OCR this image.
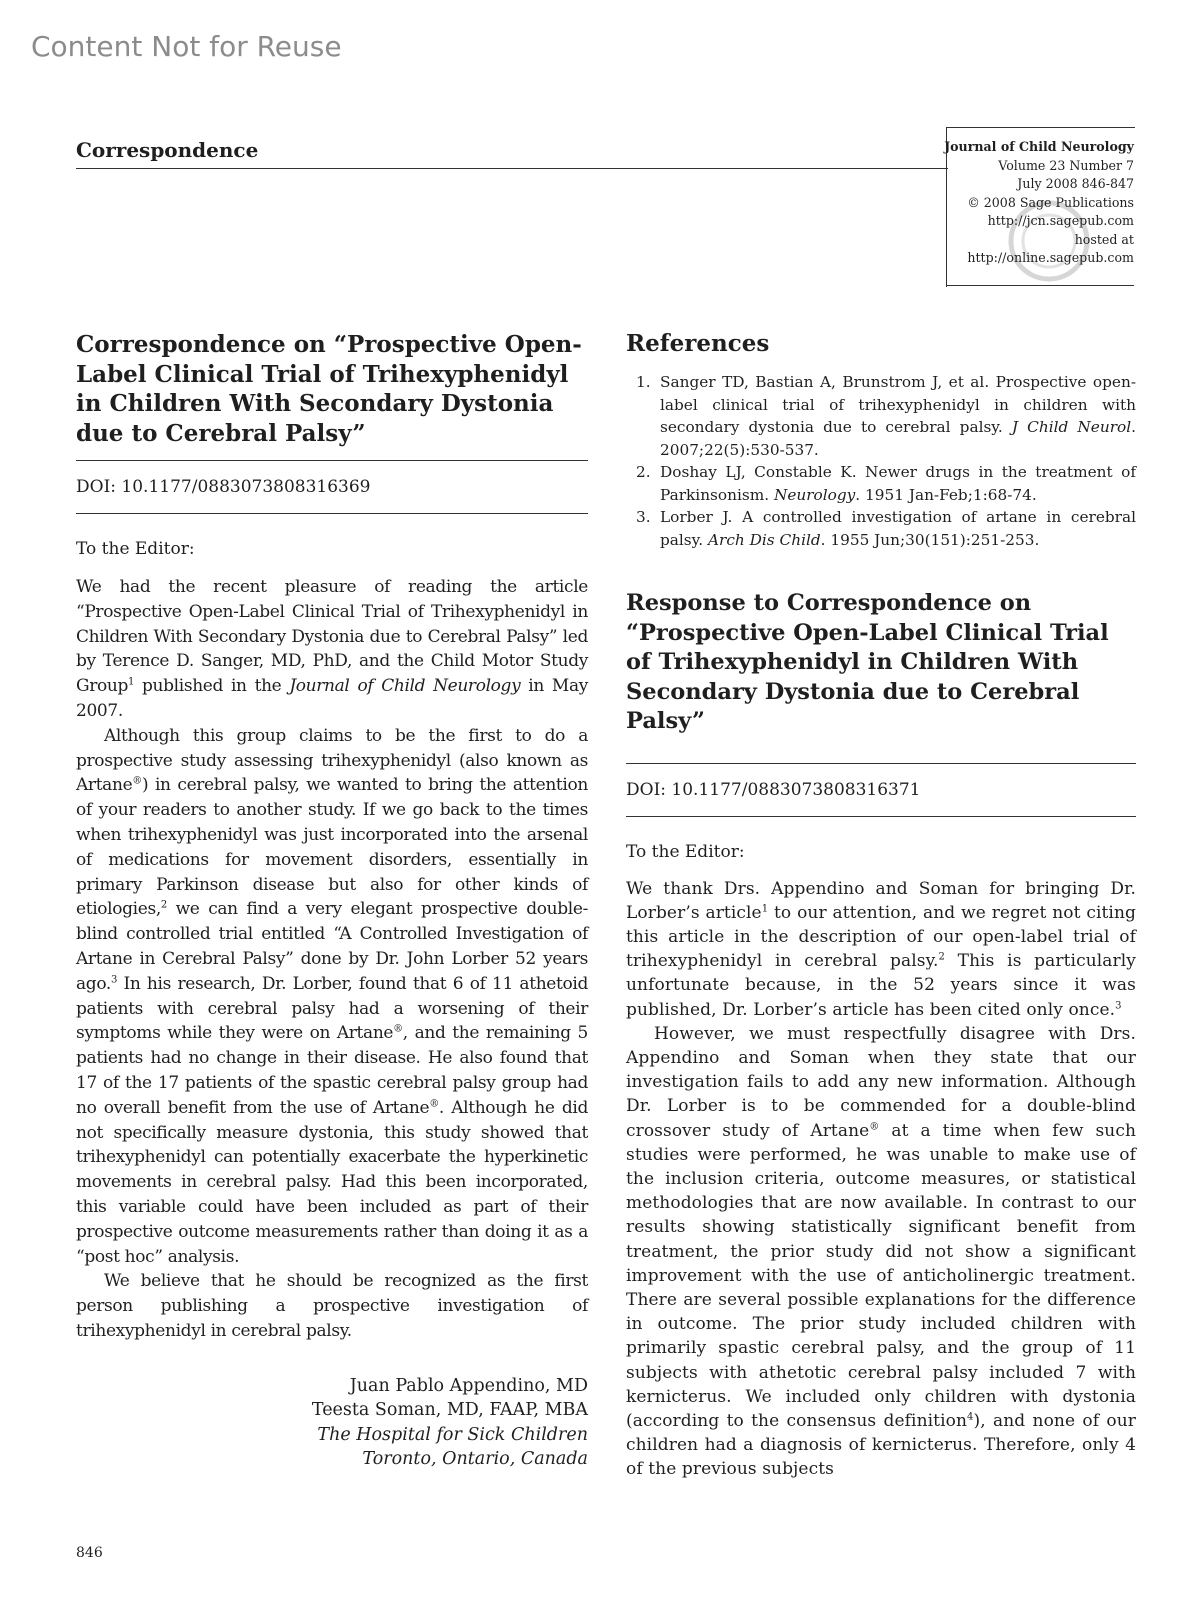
Content Not for Reuse
Correspondence	Journal of Child Neurology
Volume 23 Number 7
July 2008 846-847
© 2008 Sage Publications
http://jcn.sagepub.com
hosted at
http://online.sagepub.com
Correspondence on “Prospective Open-Label Clinical Trial of Trihexyphenidyl in Children With Secondary Dystonia due to Cerebral Palsy”
DOI: 10.1177/0883073808316369
To the Editor:

We had the recent pleasure of reading the article “Prospective Open-Label Clinical Trial of Trihexyphenidyl in Children With Secondary Dystonia due to Cerebral Palsy” led by Terence D. Sanger, MD, PhD, and the Child Motor Study Group$^1$ published in the Journal of Child Neurology in May 2007.

Although this group claims to be the first to do a prospective study assessing trihexyphenidyl (also known as Artane®) in cerebral palsy, we wanted to bring the attention of your readers to another study. If we go back to the times when trihexyphenidyl was just incorporated into the arsenal of medications for movement disorders, essentially in primary Parkinson disease but also for other kinds of etiologies,$^2$ we can find a very elegant prospective double-blind controlled trial entitled “A Controlled Investigation of Artane in Cerebral Palsy” done by Dr. John Lorber 52 years ago.$^3$ In his research, Dr. Lorber, found that 6 of 11 athetoid patients with cerebral palsy had a worsening of their symptoms while they were on Artane®, and the remaining 5 patients had no change in their disease. He also found that 17 of the 17 patients of the spastic cerebral palsy group had no overall benefit from the use of Artane®. Although he did not specifically measure dystonia, this study showed that trihexyphenidyl can potentially exacerbate the hyperkinetic movements in cerebral palsy. Had this been incorporated, this variable could have been included as part of their prospective outcome measurements rather than doing it as a “post hoc” analysis.

We believe that he should be recognized as the first person publishing a prospective investigation of trihexyphenidyl in cerebral palsy.

Juan Pablo Appendino, MD
Teesta Soman, MD, FAAP, MBA
The Hospital for Sick Children
Toronto, Ontario, Canada
References
1. Sanger TD, Bastian A, Brunstrom J, et al. Prospective open-label clinical trial of trihexyphenidyl in children with secondary dystonia due to cerebral palsy. J Child Neurol. 2007;22(5):530-537.
2. Doshay LJ, Constable K. Newer drugs in the treatment of Parkinsonism. Neurology. 1951 Jan-Feb;1:68-74.
3. Lorber J. A controlled investigation of artane in cerebral palsy. Arch Dis Child. 1955 Jun;30(151):251-253.
Response to Correspondence on “Prospective Open-Label Clinical Trial of Trihexyphenidyl in Children With Secondary Dystonia due to Cerebral Palsy”
DOI: 10.1177/0883073808316371
To the Editor:

We thank Drs. Appendino and Soman for bringing Dr. Lorber’s article$^1$ to our attention, and we regret not citing this article in the description of our open-label trial of trihexyphenidyl in cerebral palsy.$^2$ This is particularly unfortunate because, in the 52 years since it was published, Dr. Lorber’s article has been cited only once.$^3$

However, we must respectfully disagree with Drs. Appendino and Soman when they state that our investigation fails to add any new information. Although Dr. Lorber is to be commended for a double-blind crossover study of Artane® at a time when few such studies were performed, he was unable to make use of the inclusion criteria, outcome measures, or statistical methodologies that are now available. In contrast to our results showing statistically significant benefit from treatment, the prior study did not show a significant improvement with the use of anticholinergic treatment. There are several possible explanations for the difference in outcome. The prior study included children with primarily spastic cerebral palsy, and the group of 11 subjects with athetotic cerebral palsy included 7 with kernicterus. We included only children with dystonia (according to the consensus definition$^4$), and none of our children had a diagnosis of kernicterus. Therefore, only 4 of the previous subjects

846
